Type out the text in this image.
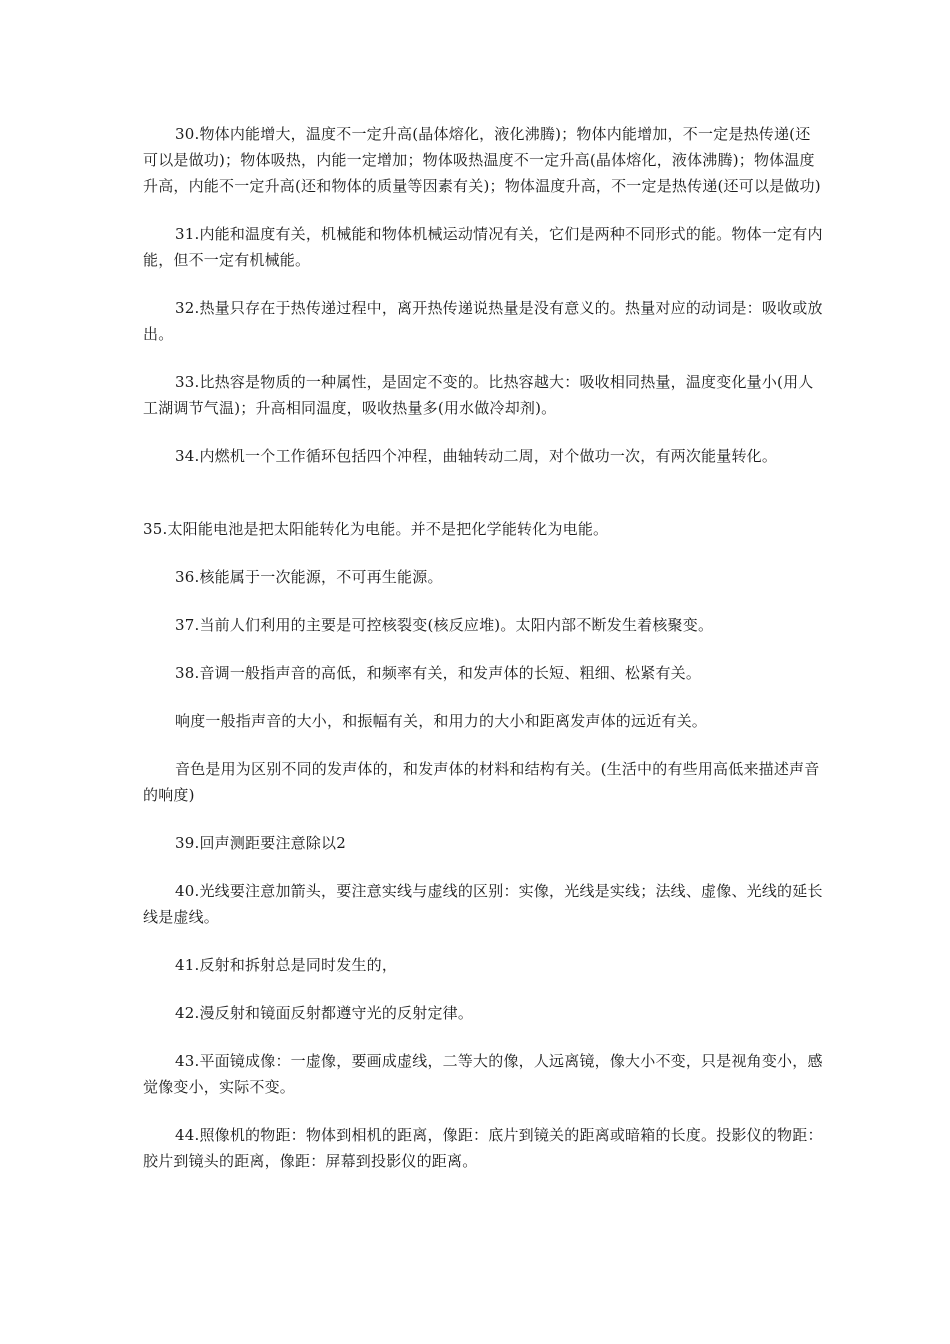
30.物体内能增大，温度不一定升高(晶体熔化，液化沸腾)；物体内能增加，不一定是热传递(还可以是做功)；物体吸热，内能一定增加；物体吸热温度不一定升高(晶体熔化，液体沸腾)；物体温度升高，内能不一定升高(还和物体的质量等因素有关)；物体温度升高，不一定是热传递(还可以是做功)

31.内能和温度有关，机械能和物体机械运动情况有关，它们是两种不同形式的能。物体一定有内能，但不一定有机械能。

32.热量只存在于热传递过程中，离开热传递说热量是没有意义的。热量对应的动词是：吸收或放出。

33.比热容是物质的一种属性，是固定不变的。比热容越大：吸收相同热量，温度变化量小(用人工湖调节气温)；升高相同温度，吸收热量多(用水做冷却剂)。

34.内燃机一个工作循环包括四个冲程，曲轴转动二周，对个做功一次，有两次能量转化。

35.太阳能电池是把太阳能转化为电能。并不是把化学能转化为电能。

36.核能属于一次能源，不可再生能源。

37.当前人们利用的主要是可控核裂变(核反应堆)。太阳内部不断发生着核聚变。

38.音调一般指声音的高低，和频率有关，和发声体的长短、粗细、松紧有关。

响度一般指声音的大小，和振幅有关，和用力的大小和距离发声体的远近有关。

音色是用为区别不同的发声体的，和发声体的材料和结构有关。(生活中的有些用高低来描述声音的响度)

39.回声测距要注意除以2

40.光线要注意加箭头，要注意实线与虚线的区别：实像，光线是实线；法线、虚像、光线的延长线是虚线。

41.反射和拆射总是同时发生的，

42.漫反射和镜面反射都遵守光的反射定律。

43.平面镜成像：一虚像，要画成虚线，二等大的像，人远离镜，像大小不变，只是视角变小，感觉像变小，实际不变。

44.照像机的物距：物体到相机的距离，像距：底片到镜关的距离或暗箱的长度。投影仪的物距：胶片到镜头的距离，像距：屏幕到投影仪的距离。
